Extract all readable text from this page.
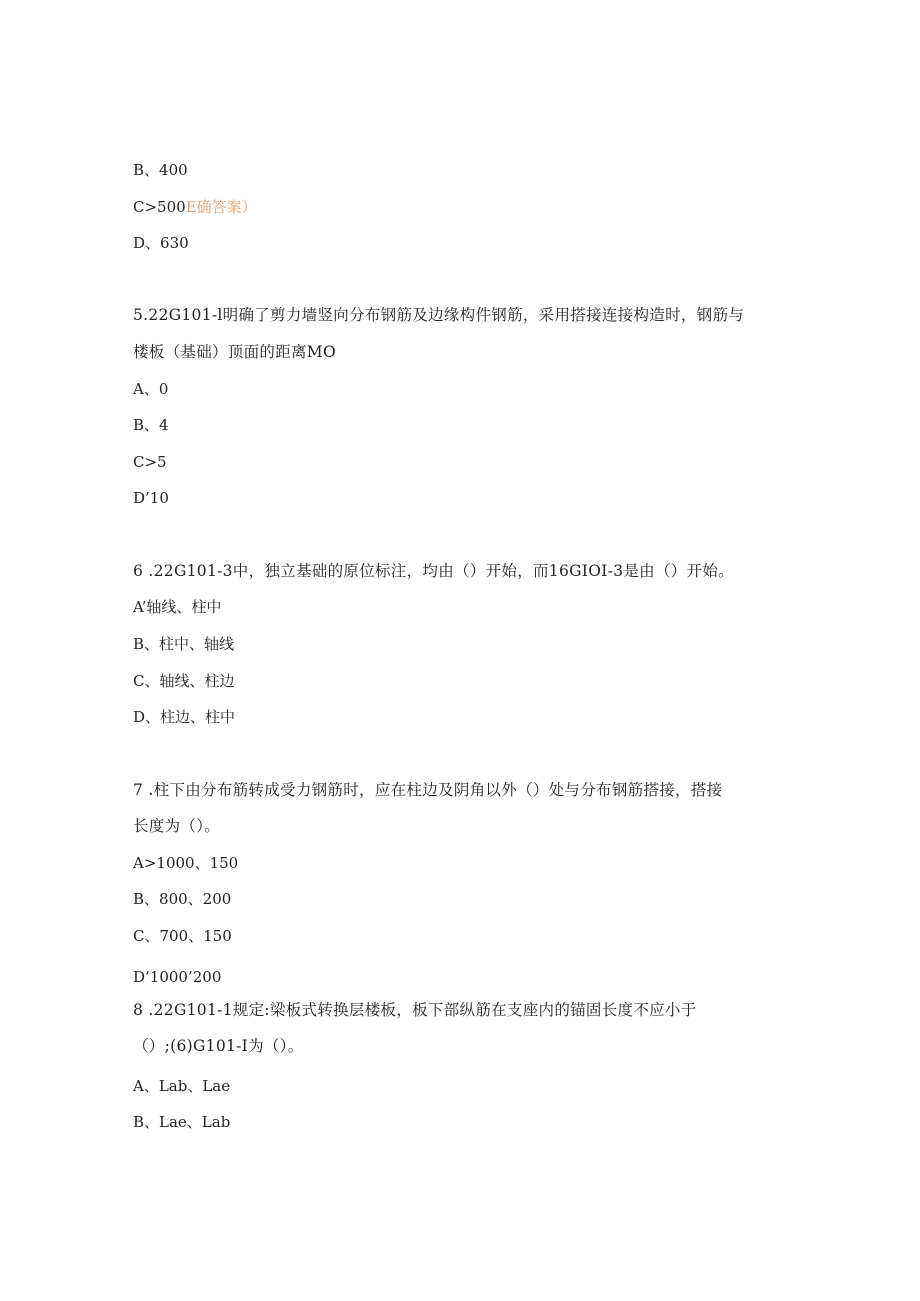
B、400
C>500E确答案）
D、630
5.22G101-l明确了剪力墙竖向分布钢筋及边缘构件钢筋，采用搭接连接构造时，钢筋与
楼板（基础）顶面的距离MO
A、0
B、4
C>5
D’10
6 .22G101-3中，独立基础的原位标注，均由（）开始，而16GIOI-3是由（）开始。
A’轴线、柱中
B、柱中、轴线
C、轴线、柱边
D、柱边、柱中
7 .柱下由分布筋转成受力钢筋时，应在柱边及阴角以外（）处与分布钢筋搭接，搭接
长度为（）。
A>1000、150
B、800、200
C、700、150
D’1000’200
8 .22G101-1规定:梁板式转换层楼板，板下部纵筋在支座内的锚固长度不应小于
（）;(6)G101-I为（）。
A、Lab、Lae
B、Lae、Lab
